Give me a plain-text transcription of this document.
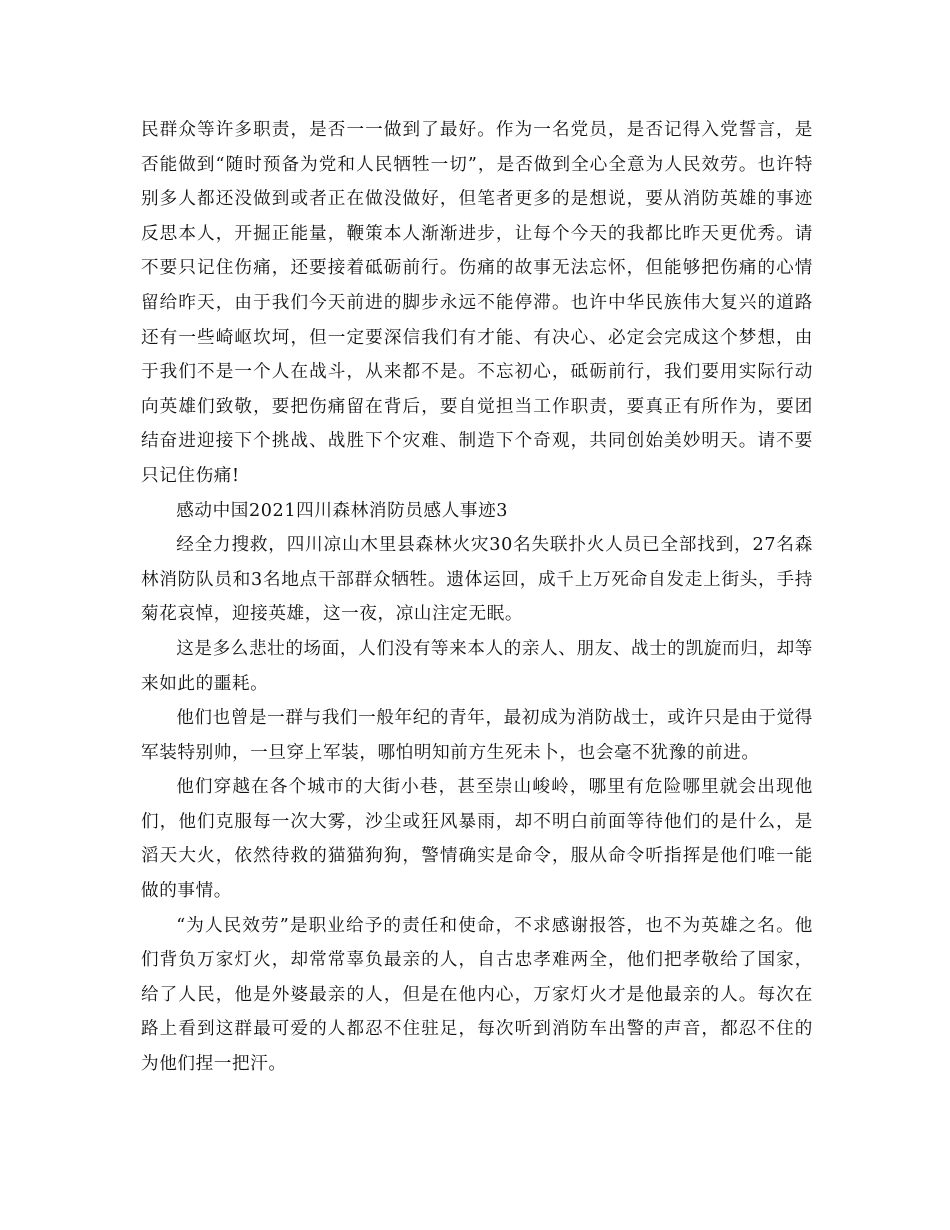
民群众等许多职责，是否一一做到了最好。作为一名党员，是否记得入党誓言，是否能做到“随时预备为党和人民牺牲一切”，是否做到全心全意为人民效劳。也许特别多人都还没做到或者正在做没做好，但笔者更多的是想说，要从消防英雄的事迹反思本人，开掘正能量，鞭策本人渐渐进步，让每个今天的我都比昨天更优秀。请不要只记住伤痛，还要接着砥砺前行。伤痛的故事无法忘怀，但能够把伤痛的心情留给昨天，由于我们今天前进的脚步永远不能停滞。也许中华民族伟大复兴的道路还有一些崎岖坎坷，但一定要深信我们有才能、有决心、必定会完成这个梦想，由于我们不是一个人在战斗，从来都不是。不忘初心，砥砺前行，我们要用实际行动向英雄们致敬，要把伤痛留在背后，要自觉担当工作职责，要真正有所作为，要团结奋进迎接下个挑战、战胜下个灾难、制造下个奇观，共同创始美妙明天。请不要只记住伤痛!

感动中国2021四川森林消防员感人事迹3

经全力搜救，四川凉山木里县森林火灾30名失联扑火人员已全部找到，27名森林消防队员和3名地点干部群众牺牲。遗体运回，成千上万死命自发走上街头，手持菊花哀悼，迎接英雄，这一夜，凉山注定无眠。

这是多么悲壮的场面，人们没有等来本人的亲人、朋友、战士的凯旋而归，却等来如此的噩耗。

他们也曾是一群与我们一般年纪的青年，最初成为消防战士，或许只是由于觉得军装特别帅，一旦穿上军装，哪怕明知前方生死未卜，也会毫不犹豫的前进。

他们穿越在各个城市的大街小巷，甚至崇山峻岭，哪里有危险哪里就会出现他们，他们克服每一次大雾，沙尘或狂风暴雨，却不明白前面等待他们的是什么，是滔天大火，依然待救的猫猫狗狗，警情确实是命令，服从命令听指挥是他们唯一能做的事情。

“为人民效劳”是职业给予的责任和使命，不求感谢报答，也不为英雄之名。他们背负万家灯火，却常常辜负最亲的人，自古忠孝难两全，他们把孝敬给了国家，给了人民，他是外婆最亲的人，但是在他内心，万家灯火才是他最亲的人。每次在路上看到这群最可爱的人都忍不住驻足，每次听到消防车出警的声音，都忍不住的为他们捏一把汗。
